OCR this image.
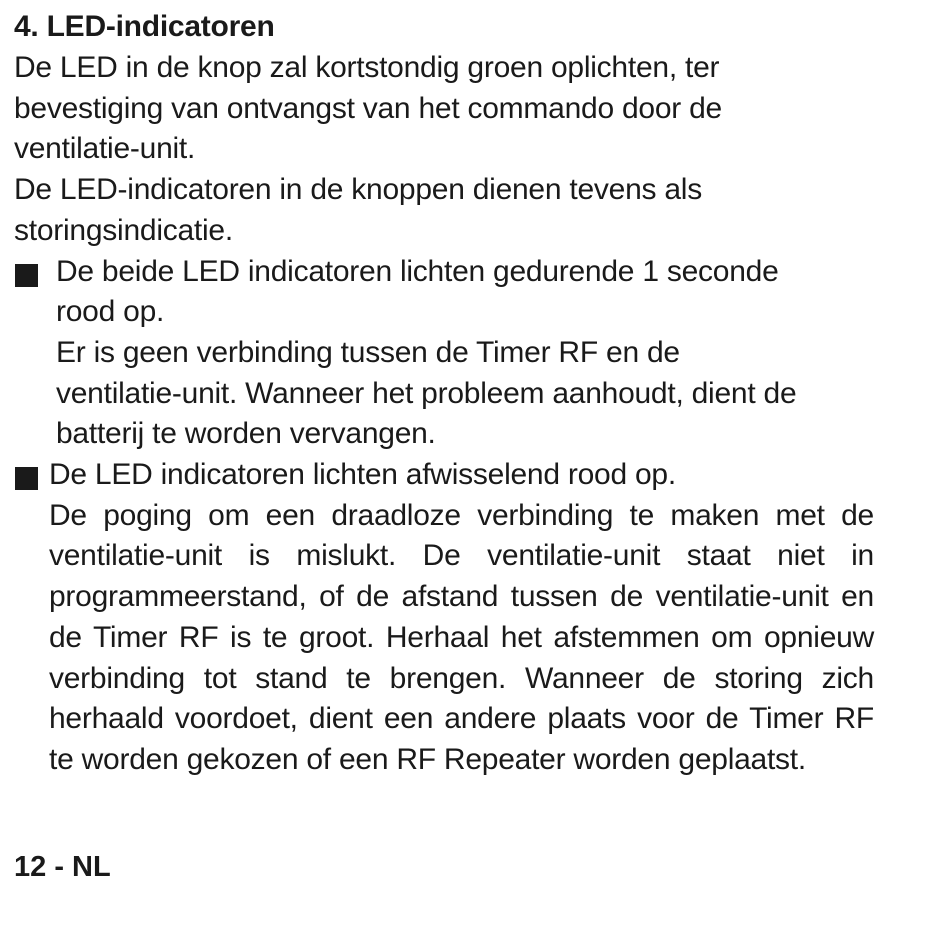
4. LED-indicatoren

De LED in de knop zal kortstondig groen oplichten, ter bevestiging van ontvangst van het commando door de ventilatie-unit.

De LED-indicatoren in de knoppen dienen tevens als storingsindicatie.

De beide LED indicatoren lichten gedurende 1 seconde rood op.
Er is geen verbinding tussen de Timer RF en de ventilatie-unit. Wanneer het probleem aanhoudt, dient de batterij te worden vervangen.
De LED indicatoren lichten afwisselend rood op.
De poging om een draadloze verbinding te maken met de ventilatie-unit is mislukt. De ventilatie-unit staat niet in programmeerstand, of de afstand tussen de ventilatie-unit en de Timer RF is te groot. Herhaal het afstemmen om opnieuw verbinding tot stand te brengen. Wanneer de storing zich herhaald voordoet, dient een andere plaats voor de Timer RF te worden gekozen of een RF Repeater worden geplaatst.
12 - NL
